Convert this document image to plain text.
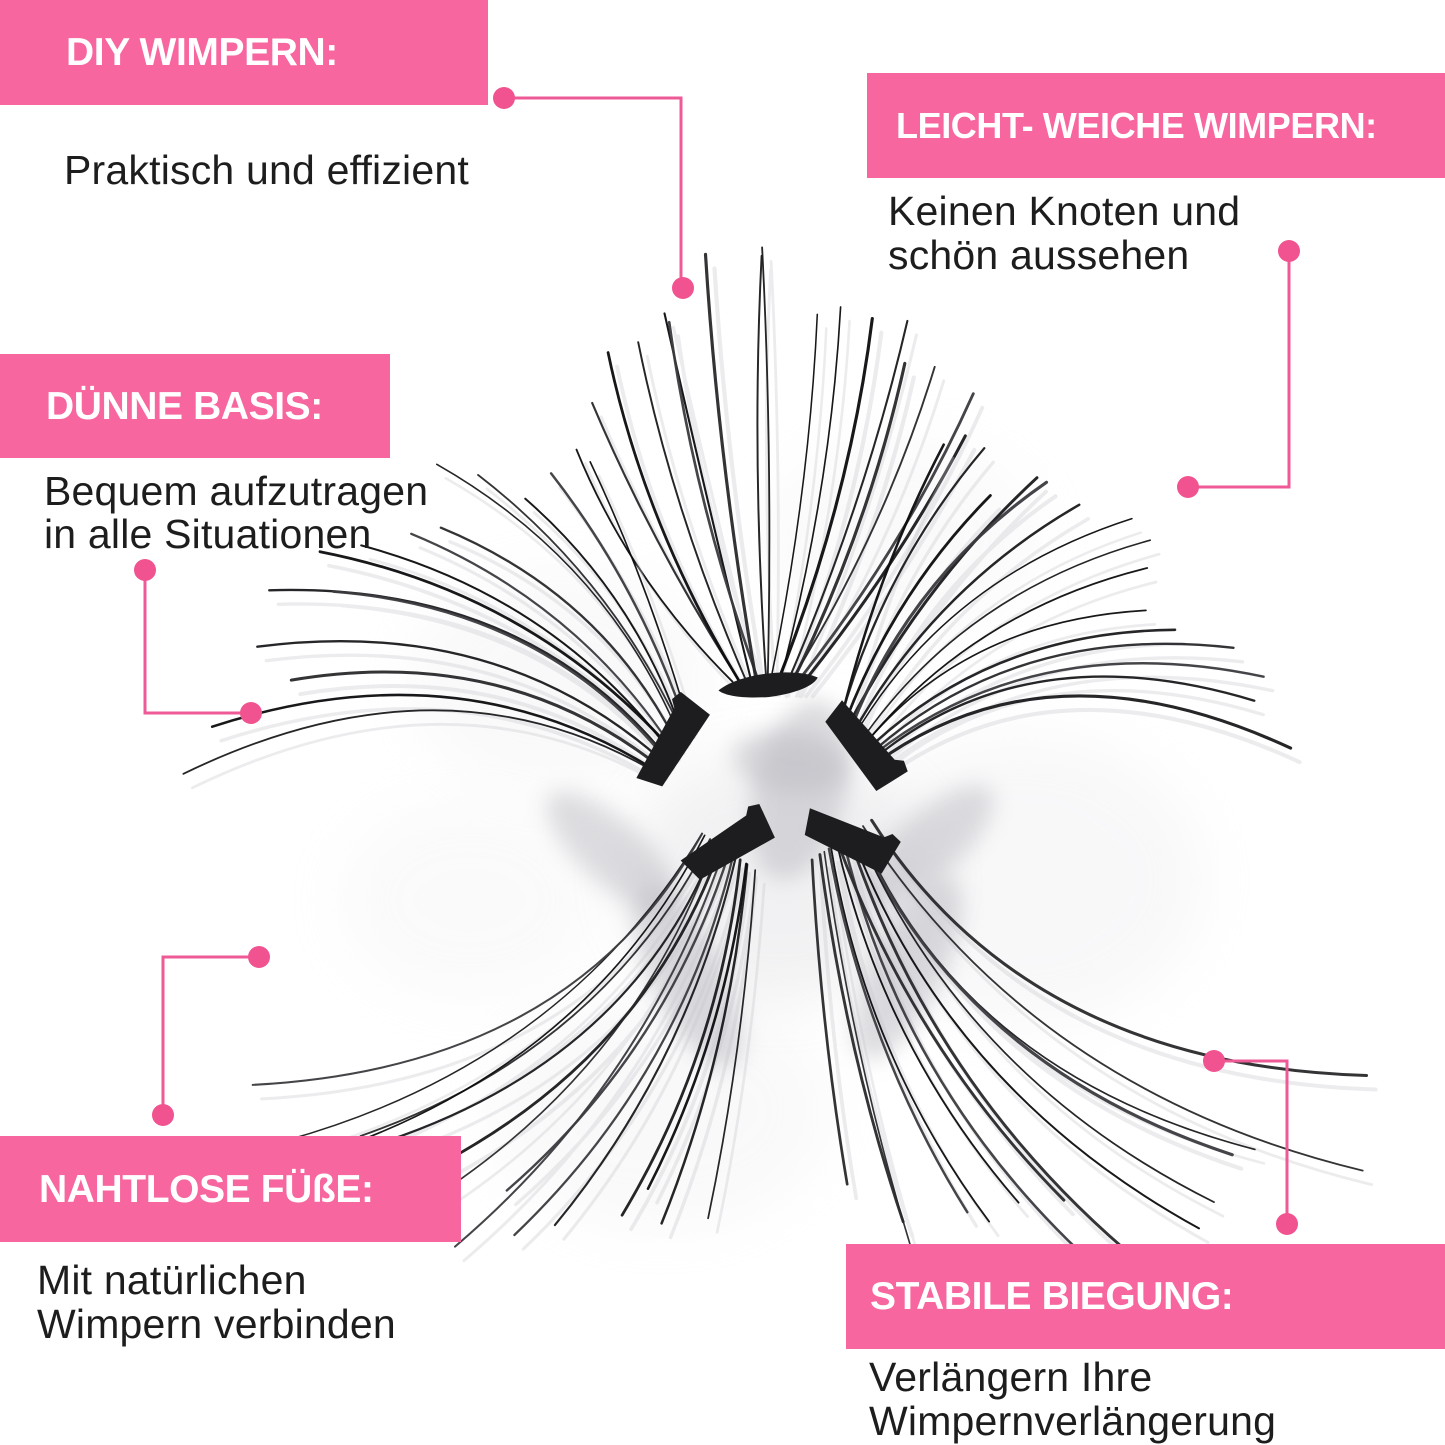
DIY WIMPERN:
Praktisch und effizient
LEICHT- WEICHE WIMPERN:
Keinen Knoten und
schön aussehen
DÜNNE BASIS:
Bequem aufzutragen
in alle Situationen
NAHTLOSE FÜßE:
Mit natürlichen
Wimpern verbinden
STABILE BIEGUNG:
Verlängern Ihre
Wimpernverlängerung
